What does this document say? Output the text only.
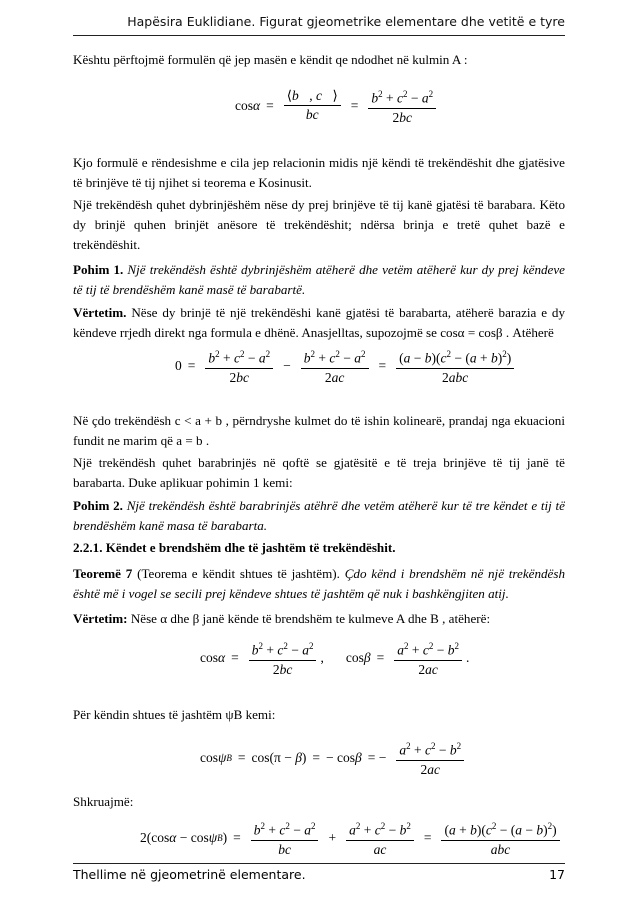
Hapësira Euklidiane. Figurat gjeometrike elementare dhe vetitë e tyre

Kështu përftojmë formulën që jep masën e këndit qe ndodhet në kulmin A :

$\cos \alpha = \frac{⟨b⃗, c⃗⟩}{bc} = \frac{b^2 + c^2 - a^2}{2bc}$

Kjo formulë e rëndesishme e cila jep relacionin midis një këndi të trekëndëshit dhe gjatësive të brinjëve të tij njihet si teorema e Kosinusit.

Një trekëndësh quhet dybrinjëshëm nëse dy prej brinjëve të tij kanë gjatësi të barabara. Këto dy brinjë quhen brinjët anësore të trekëndëshit; ndërsa brinja e tretë quhet bazë e trekëndëshit.

Pohim 1. Një trekëndësh është dybrinjëshëm atëherë dhe vetëm atëherë kur dy prej këndeve të tij të brendëshëm kanë masë të barabartë.

Vërtetim. Nëse dy brinjë të një trekëndëshi kanë gjatësi të barabarta, atëherë barazia e dy këndeve rrjedh direkt nga formula e dhënë. Anasjelltas, supozojmë se cosα = cosβ . Atëherë

$0 = \frac{b^2 + c^2 - a^2}{2bc} - \frac{b^2 + c^2 - a^2}{2ac} = \frac{(a - b)(c^2 - (a + b)^2)}{\text{2abc}}$

Në çdo trekëndësh c < a + b , përndryshe kulmet do të ishin kolinearë, prandaj nga ekuacioni fundit ne marim që a = b .

Një trekëndësh quhet barabrinjës në qoftë se gjatësitë e të treja brinjëve të tij janë të barabarta. Duke aplikuar pohimin 1 kemi:

Pohim 2. Një trekëndësh është barabrinjës atëhrë dhe vetëm atëherë kur të tre këndet e tij të brendëshëm kanë masa të barabarta.

2.2.1. Këndet e brendshëm dhe të jashtëm të trekëndëshit.

Teoremë 7 (Teorema e këndit shtues të jashtëm). Çdo kënd i brendshëm në një trekëndësh është më i vogel se secili prej këndeve shtues të jashtëm që nuk i bashkëngjiten atij.

Vërtetim: Nëse α dhe β janë kënde të brendshëm te kulmeve A dhe B , atëherë:

$\cos \alpha = \frac{b^2 + c^2 - a^2}{2bc}$ , $\cos \beta = \frac{a^2 + c^2 - b^2}{2ac}$ .

Për këndin shtues të jashtëm ψB kemi:

cos ψ B = cos(π − β) = − cos β = − $\frac{a^2 + c^2 - b^2}{2ac}$

Shkruajmë:

2(cos α − cos ψ B ) = $\frac{b^2 + c^2 - a^2}{bc} + \frac{a^2 + c^2 - b^2}{ac} = \frac{(a + b)(c^2 - (a - b)^2)}{\text{abc}}$
Thellime në gjeometrinë elementare.	17
